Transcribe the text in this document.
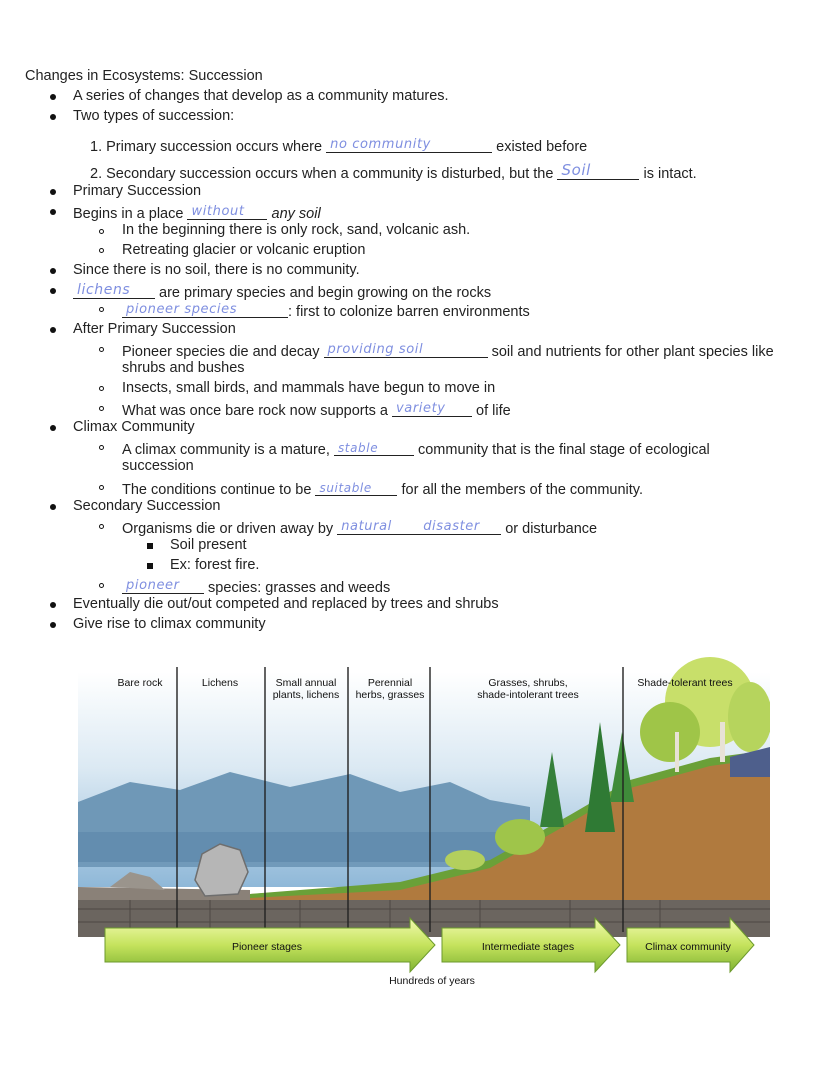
Changes in Ecosystems: Succession
A series of changes that develop as a community matures.
Two types of succession:
1. Primary succession occurs where no community	existed before
2. Secondary succession occurs when a community is disturbed, but the Soil	is intact.
Primary Succession
Begins in a place without any soil
In the beginning there is only rock, sand, volcanic ash.
Retreating glacier or volcanic eruption
Since there is no soil, there is no community.
lichens are primary species and begin growing on the rocks
pioneer species	: first to colonize barren environments
After Primary Succession
Pioneer species die and decay providing soil	soil and nutrients for other plant species like
shrubs and bushes
Insects, small birds, and mammals have begun to move in
What was once bare rock now supports a variety of life
Climax Community
A climax community is a mature, stable	community that is the final stage of ecological
succession
The conditions continue to be suitable for all the members of the community.
Secondary Succession
Organisms die or driven away by natural disaster or disturbance
Soil present
Ex: forest fire.
pioneer species: grasses and weeds
Eventually die out/out competed and replaced by trees and shrubs
Give rise to climax community
Bare rock	Lichens	Small annual
plants, lichens
Perennial
herbs, grasses
Grasses, shrubs,
shade-intolerant trees
Shade-tolerant trees
Pioneer stages	Intermediate stages	Climax community
Hundreds of years
